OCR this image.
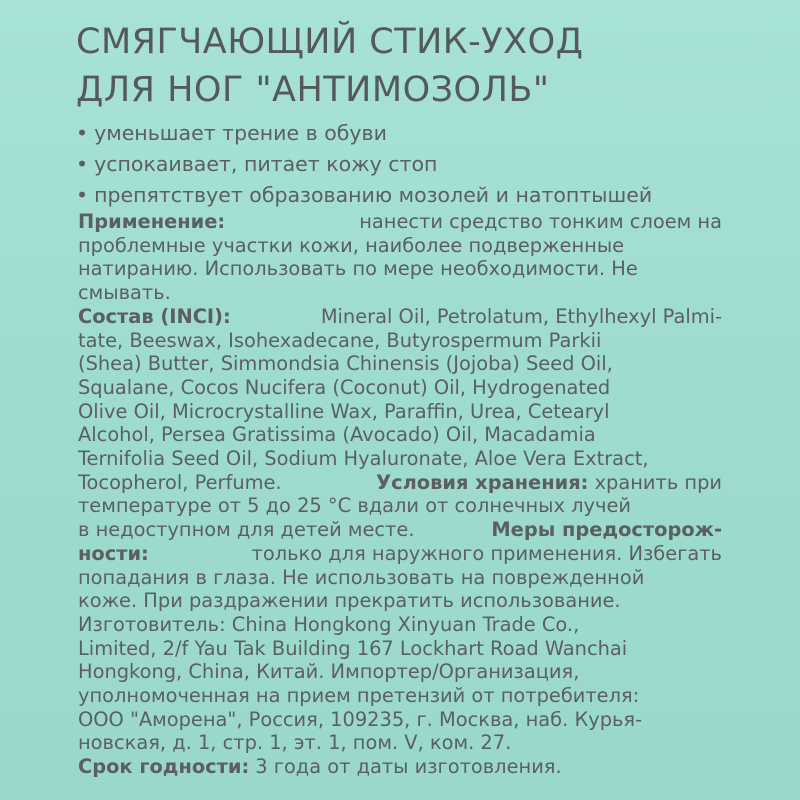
СМЯГЧАЮЩИЙ СТИК-УХОД
ДЛЯ НОГ "АНТИМОЗОЛЬ"
• уменьшает трение в обуви
• успокаивает, питает кожу стоп
• препятствует образованию мозолей и натоптышей
Применение:	нанести средство тонким слоем на
проблемные участки кожи, наиболее подверженные
натиранию. Использовать по мере необходимости. Не
смывать.
Состав (INCI):	Mineral Oil, Petrolatum, Ethylhexyl Palmi-
tate, Beeswax, Isohexadecane, Butyrospermum Parkii
(Shea) Butter, Simmondsia Chinensis (Jojoba) Seed Oil,
Squalane, Cocos Nucifera (Coconut) Oil, Hydrogenated
Olive Oil, Microcrystalline Wax, Paraffin, Urea, Cetearyl
Alcohol, Persea Gratissima (Avocado) Oil, Macadamia
Ternifolia Seed Oil, Sodium Hyaluronate, Aloe Vera Extract,
Tocopherol, Perfume.	Условия хранения: хранить при
температуре от 5 до 25 °C вдали от солнечных лучей
в недоступном для детей месте.	Меры предосторож-
ности:	только для наружного применения. Избегать
попадания в глаза. Не использовать на поврежденной
коже. При раздражении прекратить использование.
Изготовитель: China Hongkong Xinyuan Trade Co.,
Limited, 2/f Yau Tak Building 167 Lockhart Road Wanchai
Hongkong, China, Китай. Импортер/Организация,
уполномоченная на прием претензий от потребителя:
ООО "Аморена", Россия, 109235, г. Москва, наб. Курья-
новская, д. 1, стр. 1, эт. 1, пом. V, ком. 27.
Срок годности: 3 года от даты изготовления.
